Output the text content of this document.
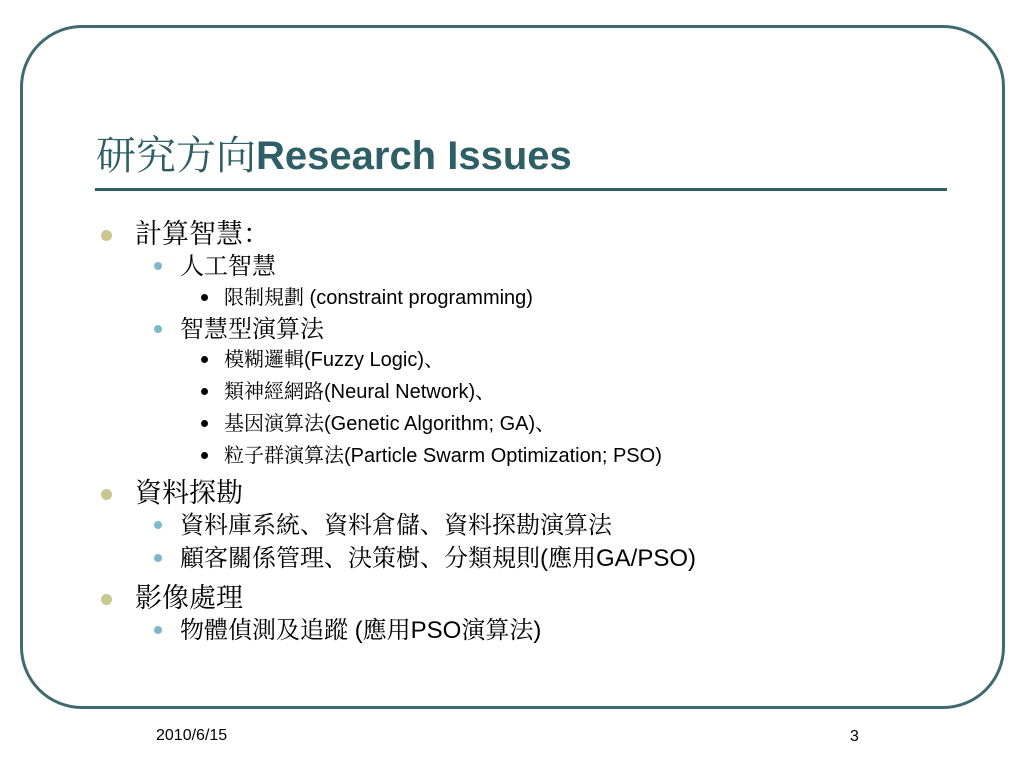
研究方向Research Issues
計算智慧：
人工智慧
限制規劃 (constraint programming)
智慧型演算法
模糊邏輯(Fuzzy Logic)、
類神經網路(Neural Network)、
基因演算法(Genetic Algorithm; GA)、
粒子群演算法(Particle Swarm Optimization; PSO)
資料探勘
資料庫系統、資料倉儲、資料探勘演算法
顧客關係管理、決策樹、分類規則(應用GA/PSO)
影像處理
物體偵測及追蹤 (應用PSO演算法)
2010/6/15	3
